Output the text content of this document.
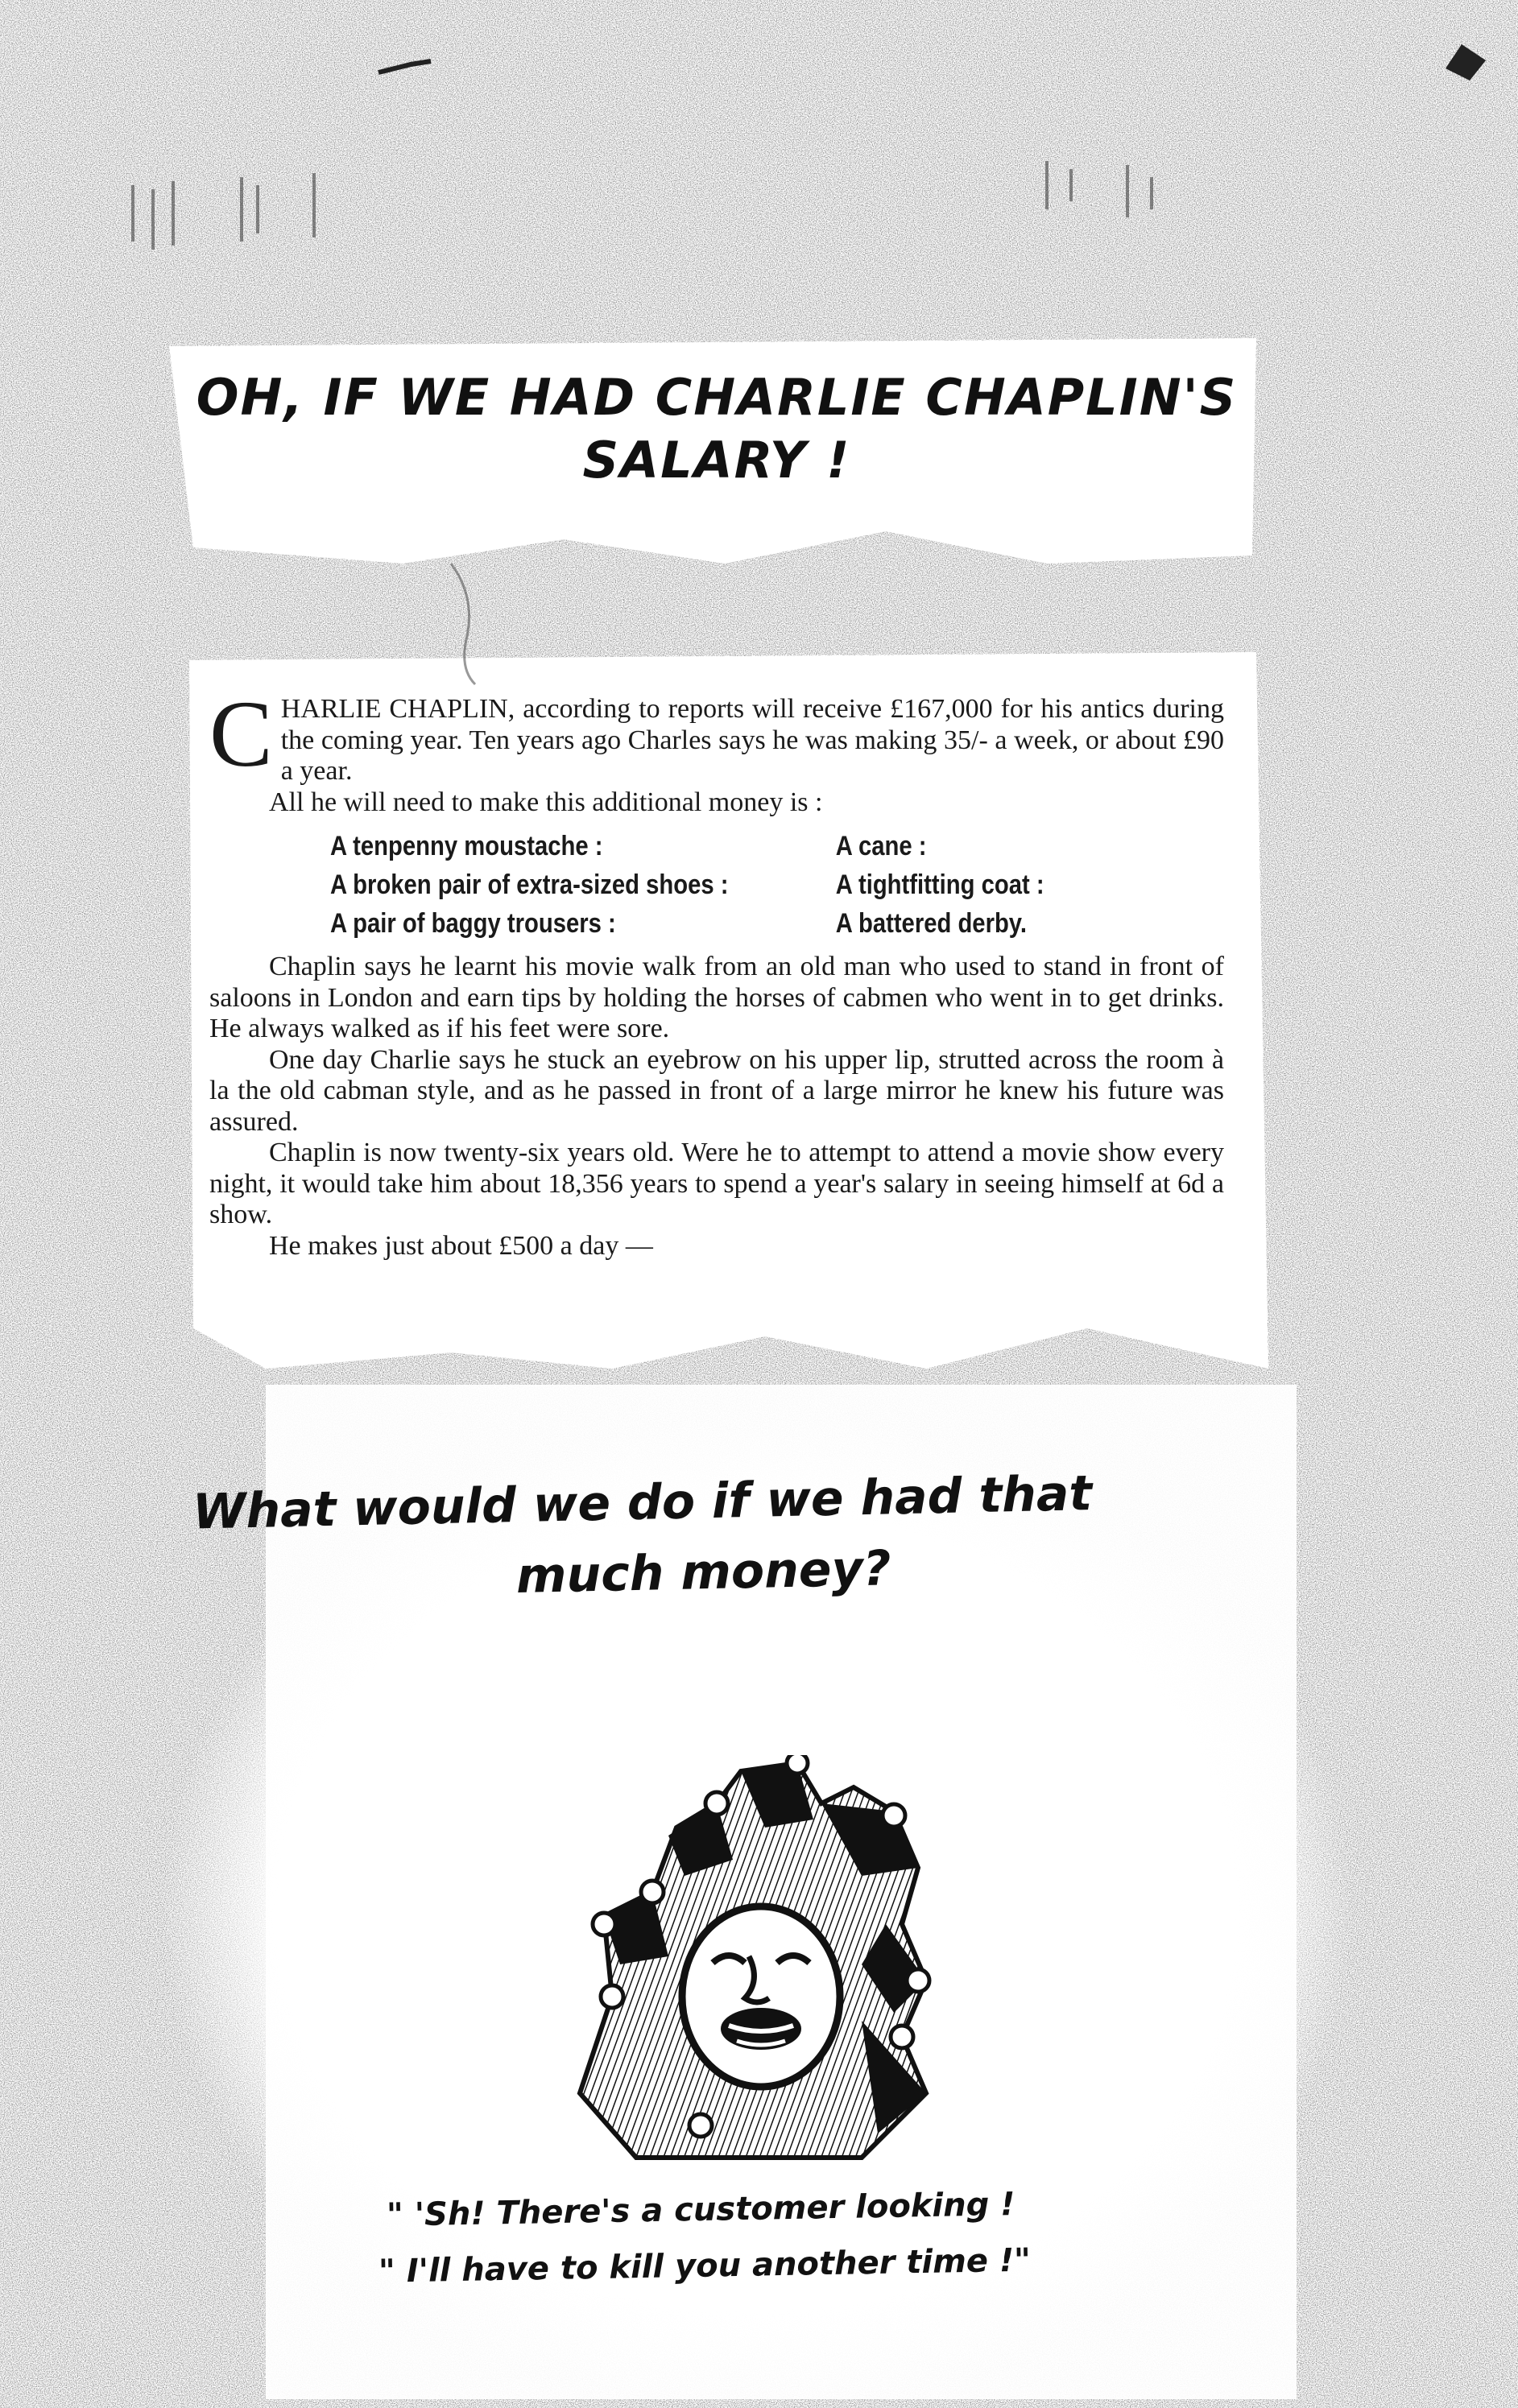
OH, IF WE HAD CHARLIE CHAPLIN'S
SALARY !

CHARLIE CHAPLIN, according to reports will receive £167,000 for his antics during the coming year. Ten years ago Charles says he was making 35/- a week, or about £90 a year.

All he will need to make this additional money is :

A tenpenny moustache :	A cane :
A broken pair of extra-sized shoes :	A tightfitting coat :
A pair of baggy trousers :	A battered derby.

Chaplin says he learnt his movie walk from an old man who used to stand in front of saloons in London and earn tips by holding the horses of cabmen who went in to get drinks. He always walked as if his feet were sore.

One day Charlie says he stuck an eyebrow on his upper lip, strutted across the room à la the old cabman style, and as he passed in front of a large mirror he knew his future was assured.

Chaplin is now twenty-six years old. Were he to attempt to attend a movie show every night, it would take him about 18,356 years to spend a year's salary in seeing himself at 6d a show.

He makes just about £500 a day —

What would we do if we had that
much money?

" 'Sh! There's a customer looking !

" I'll have to kill you another time !"
